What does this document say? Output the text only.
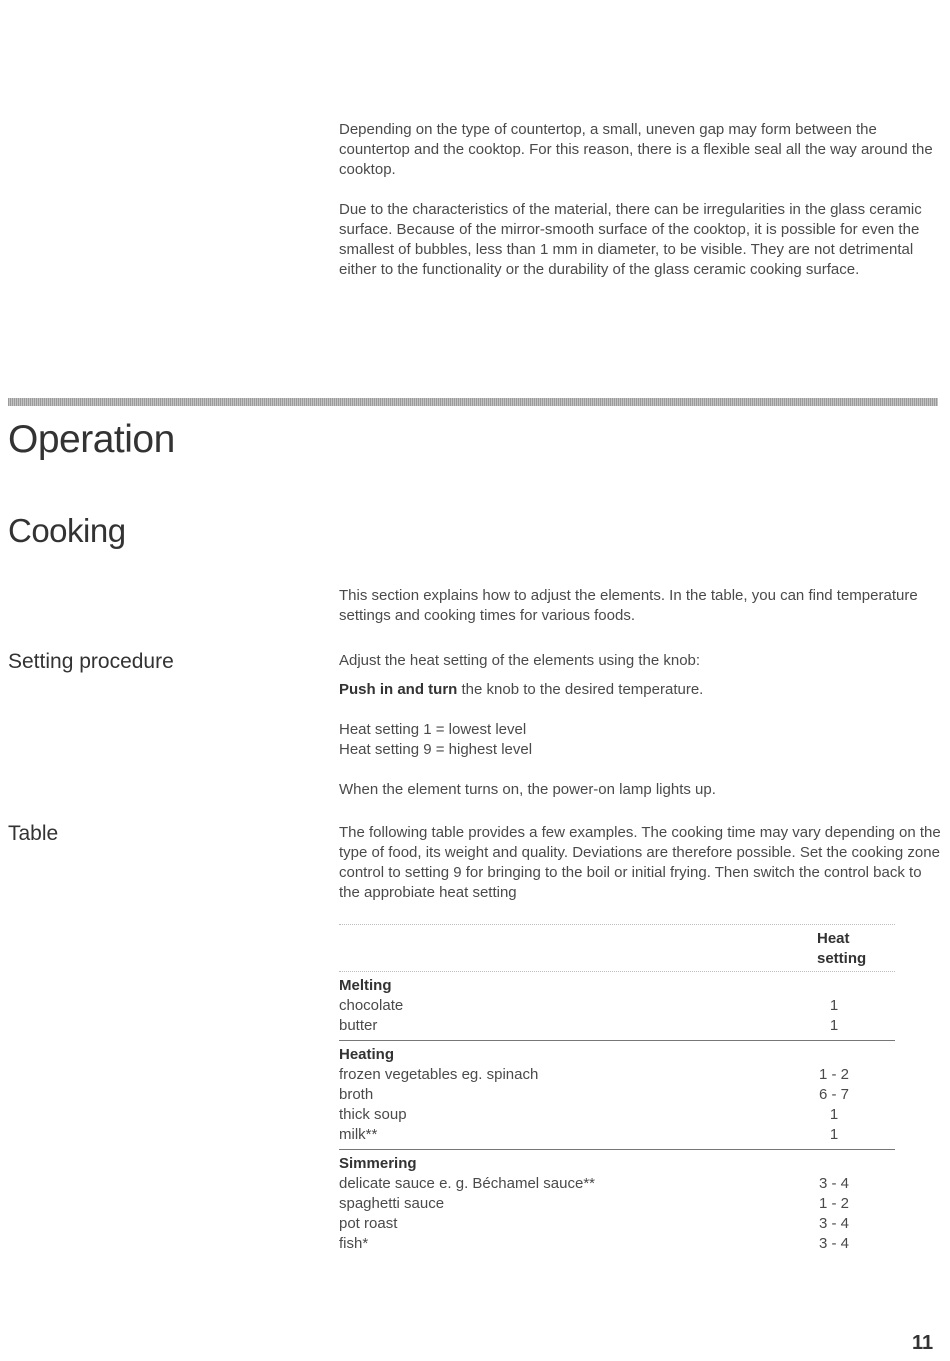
Depending on the type of countertop, a small, uneven gap may form between the countertop and the cooktop. For this reason, there is a flexible seal all the way around the cooktop.

Due to the characteristics of the material, there can be irregularities in the glass ceramic surface. Because of the mirror-smooth surface of the cooktop, it is possible for even the smallest of bubbles, less than 1 mm in diameter, to be visible. They are not detrimental either to the functionality or the durability of the glass ceramic cooking surface.

Operation
Cooking

This section explains how to adjust the elements. In the table, you can find temperature settings and cooking times for various foods.

Setting procedure	Adjust the heat setting of the elements using the knob:

Push in and turn the knob to the desired temperature.

Heat setting 1 = lowest level

Heat setting 9 = highest level

When the element turns on, the power-on lamp lights up.

Table	The following table provides a few examples. The cooking time may vary depending on the type of food, its weight and quality. Deviations are therefore possible. Set the cooking zone control to setting 9 for bringing to the boil or initial frying. Then switch the control back to the approbiate heat setting

Heat setting
Melting
chocolate	1
butter	1
Heating
frozen vegetables eg. spinach	1 - 2
broth	6 - 7
thick soup	1
milk**	1
Simmering
delicate sauce e. g. Béchamel sauce**	3 - 4
spaghetti sauce	1 - 2
pot roast	3 - 4
fish*	3 - 4
11
